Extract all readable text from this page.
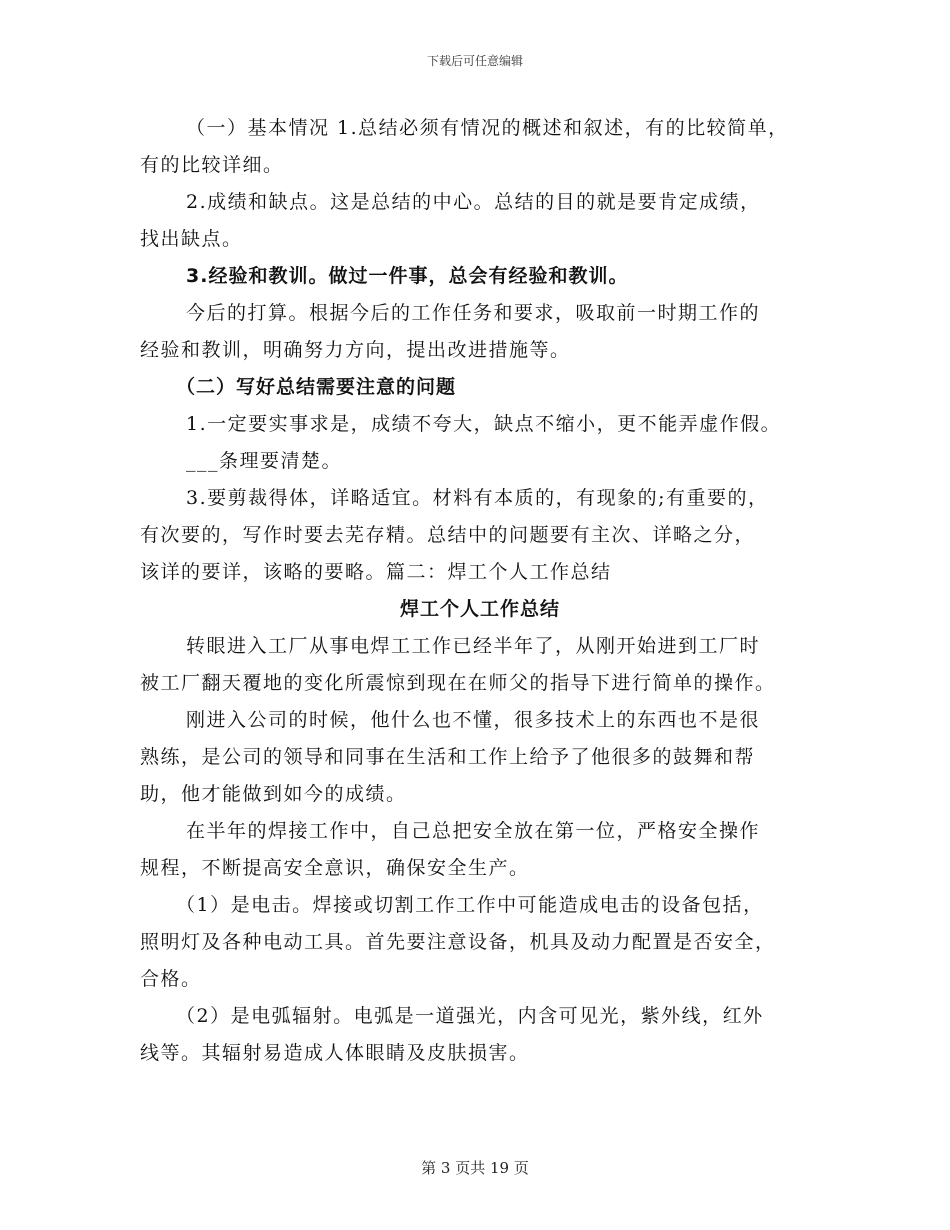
下载后可任意编辑
（一）基本情况 1.总结必须有情况的概述和叙述，有的比较简单，
有的比较详细。
2.成绩和缺点。这是总结的中心。总结的目的就是要肯定成绩，
找出缺点。
3.经验和教训。做过一件事，总会有经验和教训。
今后的打算。根据今后的工作任务和要求，吸取前一时期工作的
经验和教训，明确努力方向，提出改进措施等。
（二）写好总结需要注意的问题
1.一定要实事求是，成绩不夸大，缺点不缩小，更不能弄虚作假。
___条理要清楚。
3.要剪裁得体，详略适宜。材料有本质的，有现象的;有重要的，
有次要的，写作时要去芜存精。总结中的问题要有主次、详略之分，
该详的要详，该略的要略。篇二：焊工个人工作总结
焊工个人工作总结
转眼进入工厂从事电焊工工作已经半年了，从刚开始进到工厂时
被工厂翻天覆地的变化所震惊到现在在师父的指导下进行简单的操作。
刚进入公司的时候，他什么也不懂，很多技术上的东西也不是很
熟练，是公司的领导和同事在生活和工作上给予了他很多的鼓舞和帮
助，他才能做到如今的成绩。
在半年的焊接工作中，自己总把安全放在第一位，严格安全操作
规程，不断提高安全意识，确保安全生产。
（1）是电击。焊接或切割工作工作中可能造成电击的设备包括，
照明灯及各种电动工具。首先要注意设备，机具及动力配置是否安全，
合格。
（2）是电弧辐射。电弧是一道强光，内含可见光，紫外线，红外
线等。其辐射易造成人体眼睛及皮肤损害。
第 3 页共 19 页
